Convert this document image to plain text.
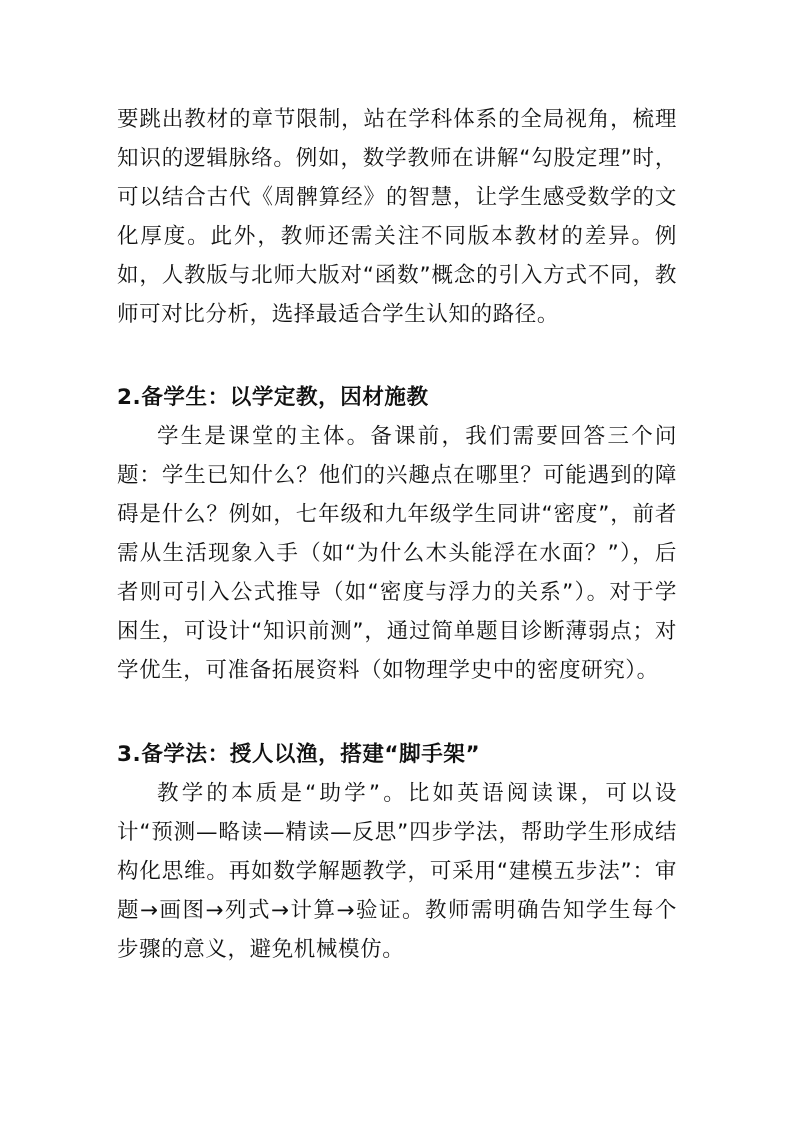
要跳出教材的章节限制，站在学科体系的全局视角，梳理知识的逻辑脉络。例如，数学教师在讲解“勾股定理”时，可以结合古代《周髀算经》的智慧，让学生感受数学的文化厚度。此外，教师还需关注不同版本教材的差异。例如，人教版与北师大版对“函数”概念的引入方式不同，教师可对比分析，选择最适合学生认知的路径。

2.备学生：以学定教，因材施教

学生是课堂的主体。备课前，我们需要回答三个问题：学生已知什么？他们的兴趣点在哪里？可能遇到的障碍是什么？例如，七年级和九年级学生同讲“密度”，前者需从生活现象入手（如“为什么木头能浮在水面？”），后者则可引入公式推导（如“密度与浮力的关系”）。对于学困生，可设计“知识前测”，通过简单题目诊断薄弱点；对学优生，可准备拓展资料（如物理学史中的密度研究）。

3.备学法：授人以渔，搭建“脚手架”

教学的本质是“助学”。比如英语阅读课，可以设计“预测—略读—精读—反思”四步学法，帮助学生形成结构化思维。再如数学解题教学，可采用“建模五步法”：审题→画图→列式→计算→验证。教师需明确告知学生每个步骤的意义，避免机械模仿。
